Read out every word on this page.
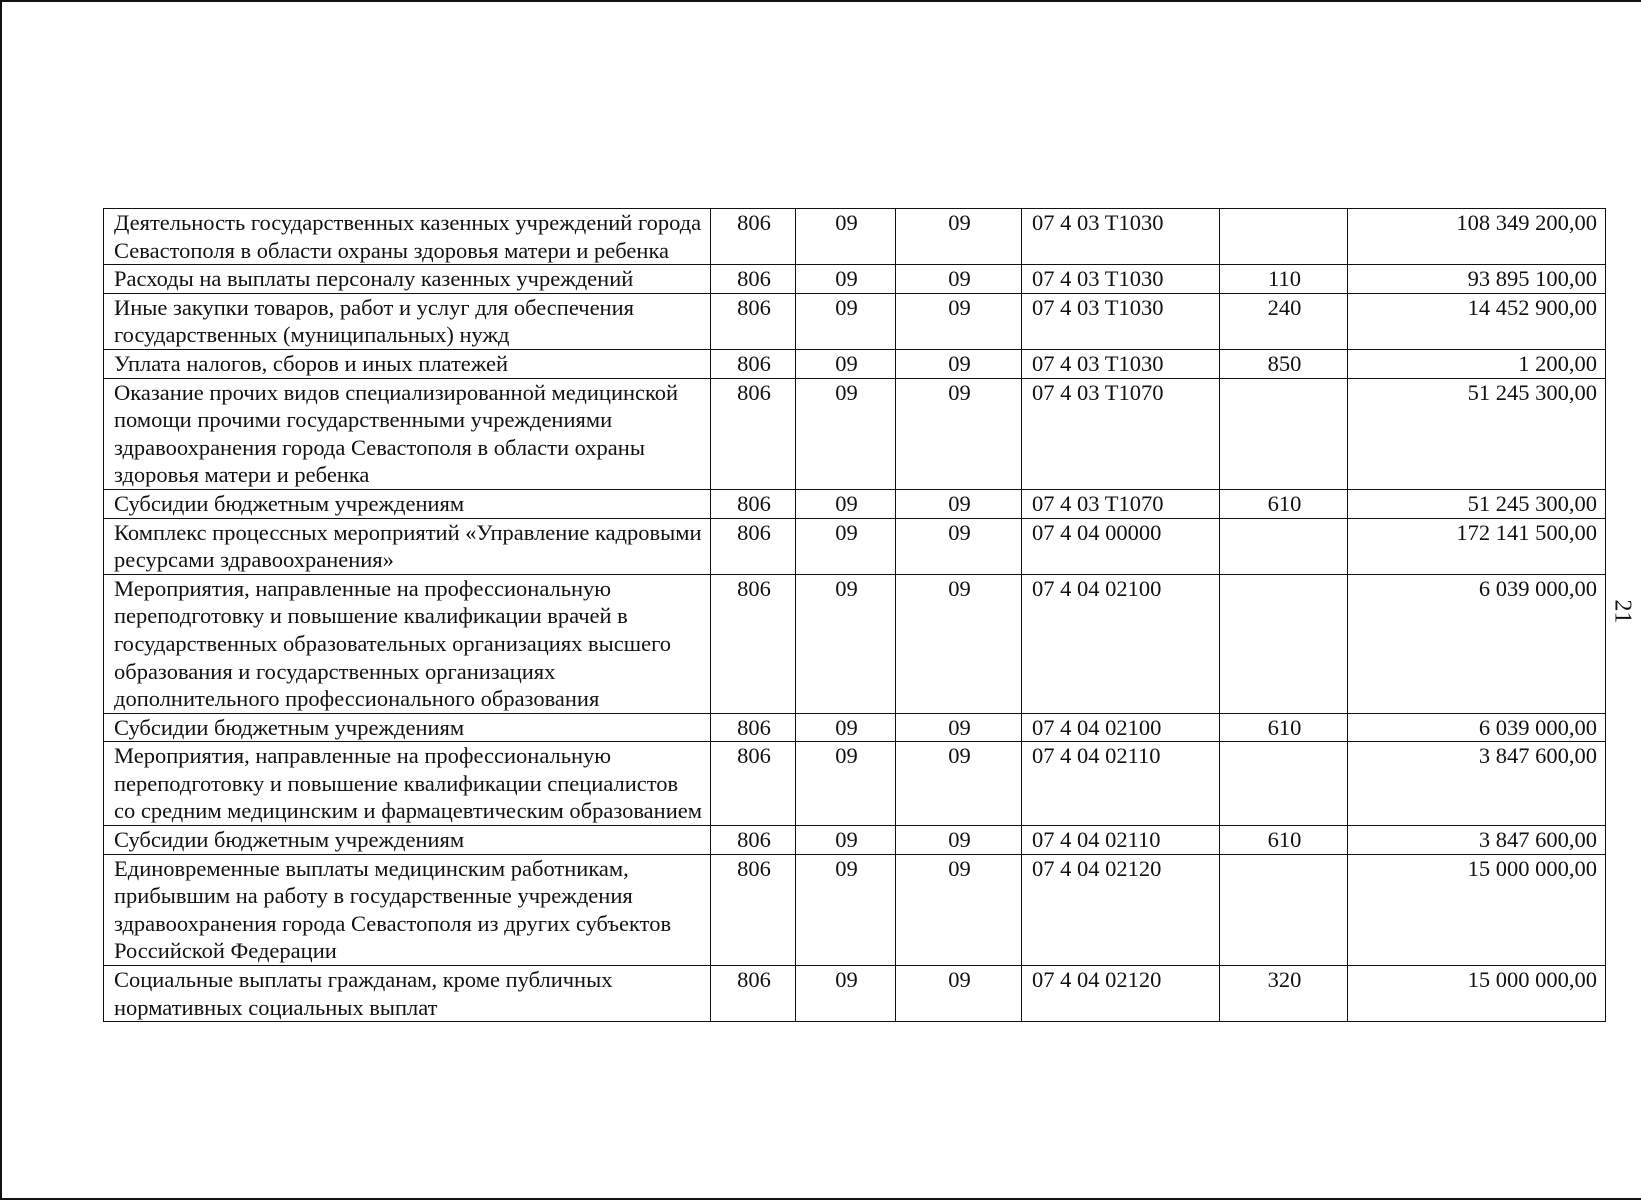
Деятельность государственных казенных учреждений города Севастополя в области охраны здоровья матери и ребенка	806	09	09	07 4 03 T1030		108 349 200,00
Расходы на выплаты персоналу казенных учреждений	806	09	09	07 4 03 T1030	110	93 895 100,00
Иные закупки товаров, работ и услуг для обеспечения государственных (муниципальных) нужд	806	09	09	07 4 03 T1030	240	14 452 900,00
Уплата налогов, сборов и иных платежей	806	09	09	07 4 03 T1030	850	1 200,00
Оказание прочих видов специализированной медицинской помощи прочими государственными учреждениями здравоохранения города Севастополя в области охраны здоровья матери и ребенка	806	09	09	07 4 03 T1070		51 245 300,00
Субсидии бюджетным учреждениям	806	09	09	07 4 03 T1070	610	51 245 300,00
Комплекс процессных мероприятий «Управление кадровыми ресурсами здравоохранения»	806	09	09	07 4 04 00000		172 141 500,00
Мероприятия, направленные на профессиональную переподготовку и повышение квалификации врачей в государственных образовательных организациях высшего образования и государственных организациях дополнительного профессионального образования	806	09	09	07 4 04 02100		6 039 000,00
Субсидии бюджетным учреждениям	806	09	09	07 4 04 02100	610	6 039 000,00
Мероприятия, направленные на профессиональную переподготовку и повышение квалификации специалистов со средним медицинским и фармацевтическим образованием	806	09	09	07 4 04 02110		3 847 600,00
Субсидии бюджетным учреждениям	806	09	09	07 4 04 02110	610	3 847 600,00
Единовременные выплаты медицинским работникам, прибывшим на работу в государственные учреждения здравоохранения города Севастополя из других субъектов Российской Федерации	806	09	09	07 4 04 02120		15 000 000,00
Социальные выплаты гражданам, кроме публичных нормативных социальных выплат	806	09	09	07 4 04 02120	320	15 000 000,00
21
